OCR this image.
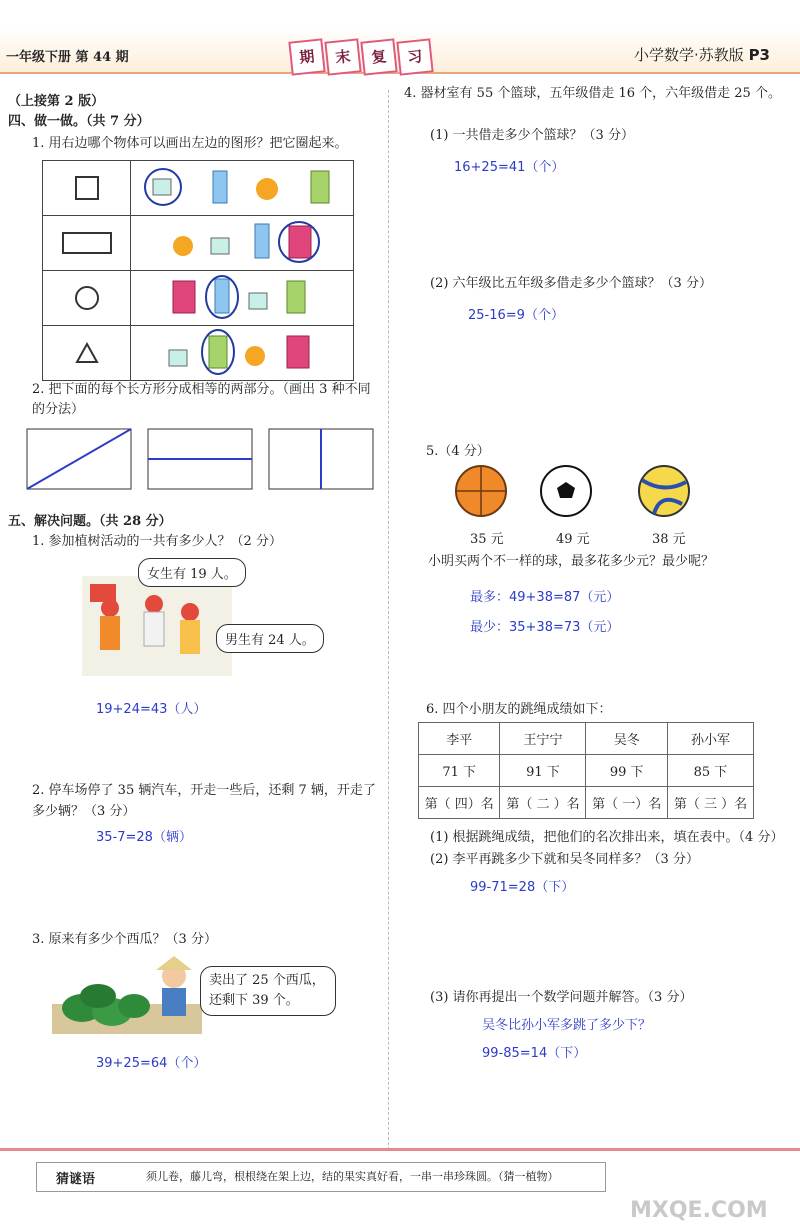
一年级下册 第 44 期	期	末	复	习	小学数学·苏教版 P3
（上接第 2 版）
四、做一做。（共 7 分）
1. 用右边哪个物体可以画出左边的图形？把它圈起来。

2. 把下面的每个长方形分成相等的两部分。（画出 3 种不同的分法）
五、解决问题。（共 28 分）
1. 参加植树活动的一共有多少人？（2 分）
女生有 19 人。
男生有 24 人。
19+24=43（人）
2. 停车场停了 35 辆汽车，开走一些后，还剩 7 辆，开走了多少辆？（3 分）
35-7=28（辆）
3. 原来有多少个西瓜？（3 分）
卖出了 25 个西瓜，还剩下 39 个。
39+25=64（个）
4. 器材室有 55 个篮球，五年级借走 16 个，六年级借走 25 个。
(1) 一共借走多少个篮球？（3 分）
16+25=41（个）
(2) 六年级比五年级多借走多少个篮球？（3 分）
25-16=9（个）
5.（4 分）
35 元	49 元	38 元
小明买两个不一样的球，最多花多少元？最少呢？
最多：49+38=87（元）
最少：35+38=73（元）
6. 四个小朋友的跳绳成绩如下：
李平	王宁宁	吴冬	孙小军
71 下	91 下	99 下	85 下
第（ 四）名	第（ 二 ）名	第（ 一）名	第（ 三 ）名
(1) 根据跳绳成绩，把他们的名次排出来，填在表中。（4 分）
(2) 李平再跳多少下就和吴冬同样多？（3 分）
99-71=28（下）
(3) 请你再提出一个数学问题并解答。（3 分）
吴冬比孙小军多跳了多少下？
99-85=14（下）
猜谜语	须儿卷，藤儿弯，根根绕在架上边，结的果实真好看，一串一串珍珠圆。（猜一植物）
MXQE.COM
